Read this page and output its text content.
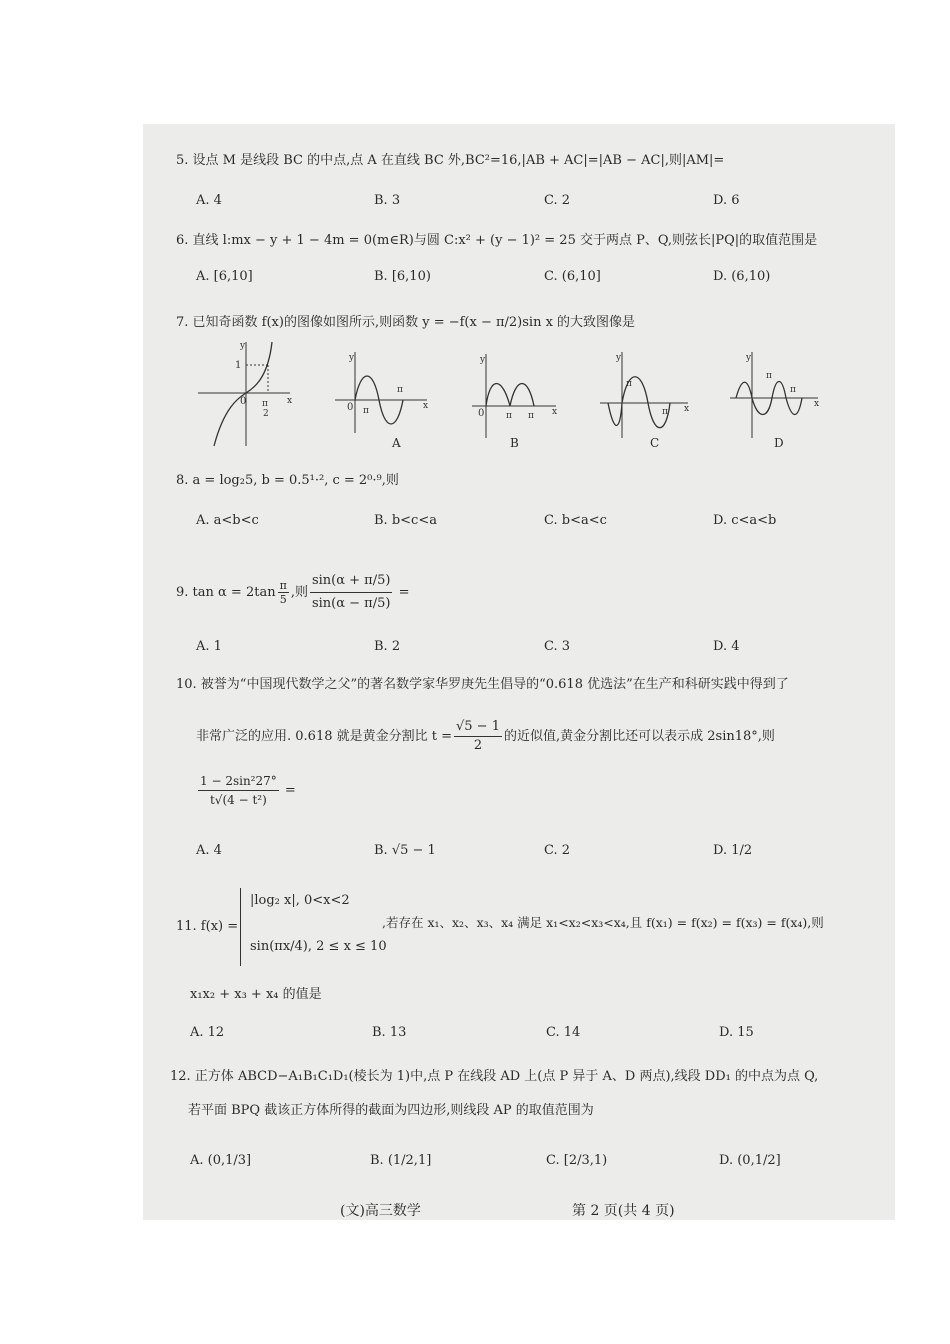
5. 设点 M 是线段 BC 的中点,点 A 在直线 BC 外,BC²=16,|AB + AC|=|AB − AC|,则|AM|=
A. 4	B. 3	C. 2	D. 6
6. 直线 l:mx − y + 1 − 4m = 0(m∈R)与圆 C:x² + (y − 1)² = 25 交于两点 P、Q,则弦长|PQ|的取值范围是
A. [6,10]	B. [6,10)	C. (6,10]	D. (6,10)
7. 已知奇函数 f(x)的图像如图所示,则函数 y = −f(x − π/2)sin x 的大致图像是
y
1
0 π
2
x
y
0 π
π
x
y
0 π π x
y
π
π x
y
π
π
x
A	B	C	D
8. a = log₂5, b = 0.5¹·², c = 2⁰·⁹,则
A. a<b<c	B. b<c<a	C. b<a<c	D. c<a<b
9. $\tan \alpha = 2\tan \frac{\pi}{5}$ ,则 $\frac{\sin(\alpha + \pi/5)}{\sin(\alpha - \pi/5)}$ =
A. 1	B. 2	C. 3	D. 4
10. 被誉为“中国现代数学之父”的著名数学家华罗庚先生倡导的“0.618 优选法”在生产和科研实践中得到了
非常广泛的应用. 0.618 就是黄金分割比 $t = \frac{√5 - 1}{2}$ 的近似值,黄金分割比还可以表示成 2sin18°,则
$\frac{\text{1 − 2sin²27°}}{\text{t√(4 − t²)}}$ =
A. 4	B. √5 − 1	C. 2	D. 1/2
11. f(x) =
|log₂ x|, 0<x<2
sin(πx/4), 2 ≤ x ≤ 10
,若存在 x₁、x₂、x₃、x₄ 满足 x₁<x₂<x₃<x₄,且 f(x₁) = f(x₂) = f(x₃) = f(x₄),则
x₁x₂ + x₃ + x₄ 的值是
A. 12	B. 13	C. 14	D. 15
12. 正方体 ABCD−A₁B₁C₁D₁(棱长为 1)中,点 P 在线段 AD 上(点 P 异于 A、D 两点),线段 DD₁ 的中点为点 Q,
若平面 BPQ 截该正方体所得的截面为四边形,则线段 AP 的取值范围为
A. (0,1/3]	B. (1/2,1]	C. [2/3,1)	D. (0,1/2]
(文)高三数学	第 2 页(共 4 页)
